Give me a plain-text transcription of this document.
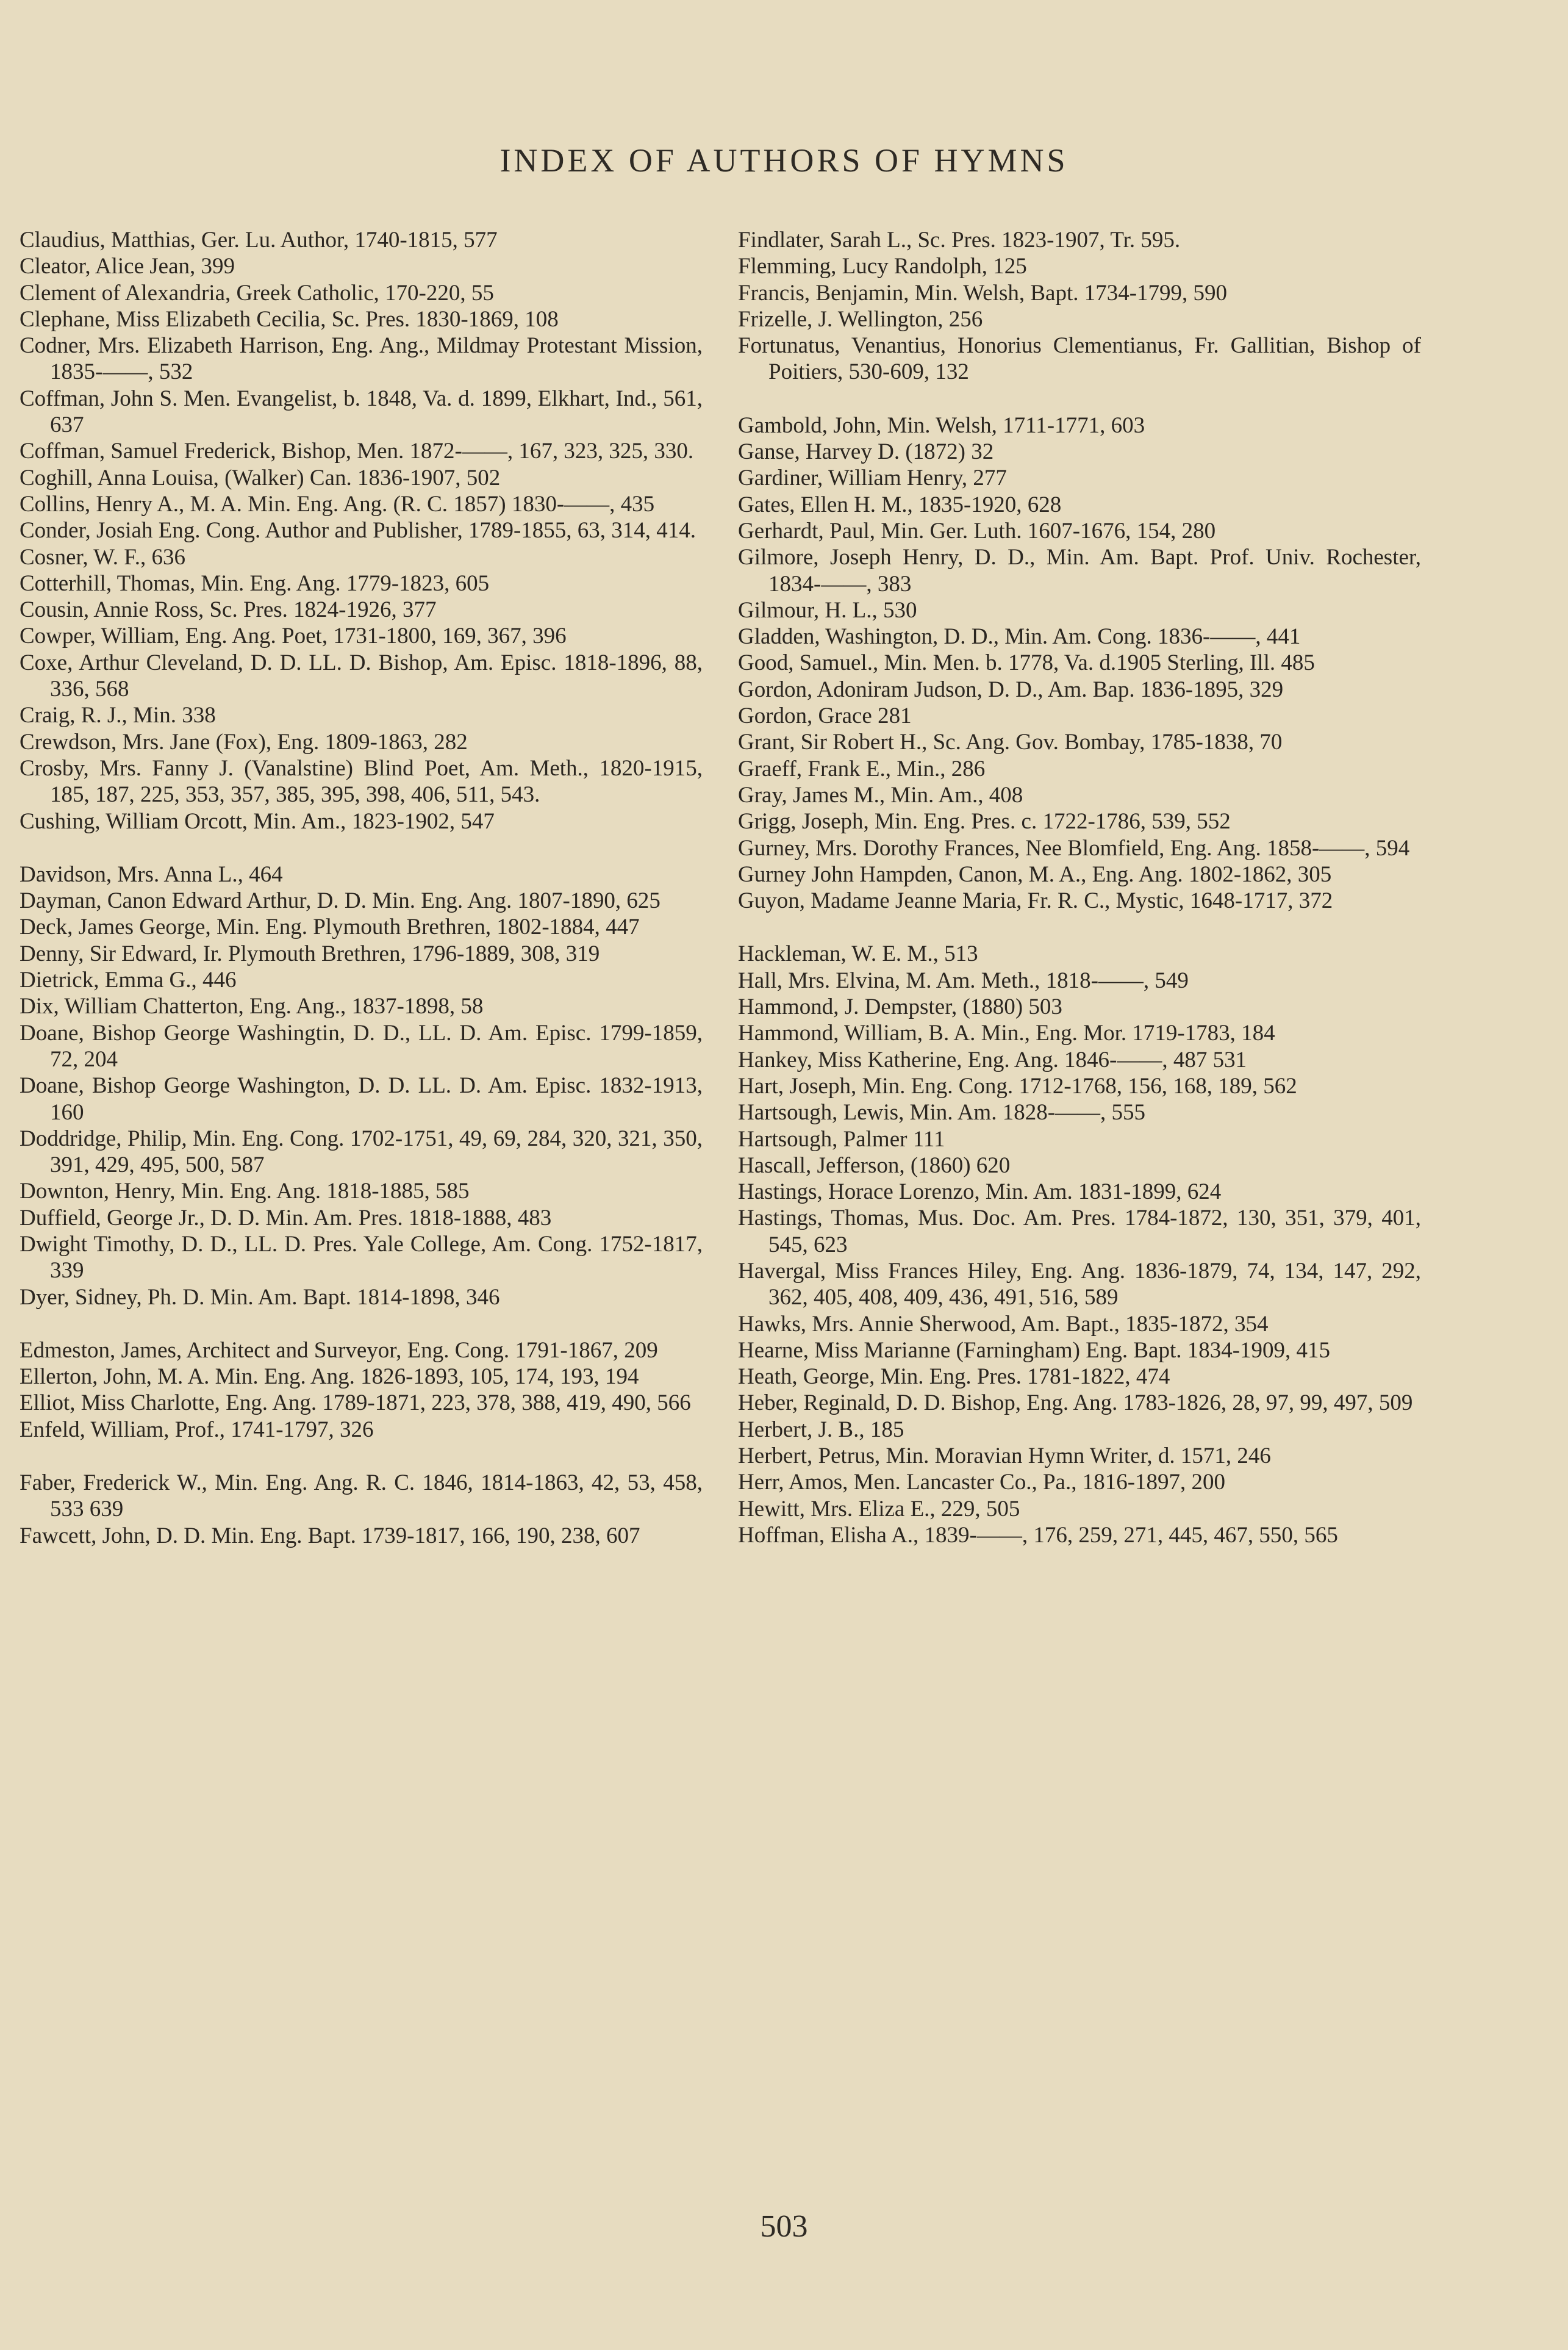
INDEX OF AUTHORS OF HYMNS
Claudius, Matthias, Ger. Lu. Author, 1740-1815, 577
Cleator, Alice Jean, 399
Clement of Alexandria, Greek Catholic, 170-220, 55
Clephane, Miss Elizabeth Cecilia, Sc. Pres. 1830-1869, 108
Codner, Mrs. Elizabeth Harrison, Eng. Ang., Mildmay Protestant Mission, 1835-——, 532
Coffman, John S. Men. Evangelist, b. 1848, Va. d. 1899, Elkhart, Ind., 561, 637
Coffman, Samuel Frederick, Bishop, Men. 1872-——, 167, 323, 325, 330.
Coghill, Anna Louisa, (Walker) Can. 1836-1907, 502
Collins, Henry A., M. A. Min. Eng. Ang. (R. C. 1857) 1830-——, 435
Conder, Josiah Eng. Cong. Author and Publisher, 1789-1855, 63, 314, 414.
Cosner, W. F., 636
Cotterhill, Thomas, Min. Eng. Ang. 1779-1823, 605
Cousin, Annie Ross, Sc. Pres. 1824-1926, 377
Cowper, William, Eng. Ang. Poet, 1731-1800, 169, 367, 396
Coxe, Arthur Cleveland, D. D. LL. D. Bishop, Am. Episc. 1818-1896, 88, 336, 568
Craig, R. J., Min. 338
Crewdson, Mrs. Jane (Fox), Eng. 1809-1863, 282
Crosby, Mrs. Fanny J. (Vanalstine) Blind Poet, Am. Meth., 1820-1915, 185, 187, 225, 353, 357, 385, 395, 398, 406, 511, 543.
Cushing, William Orcott, Min. Am., 1823-1902, 547
Davidson, Mrs. Anna L., 464
Dayman, Canon Edward Arthur, D. D. Min. Eng. Ang. 1807-1890, 625
Deck, James George, Min. Eng. Plymouth Brethren, 1802-1884, 447
Denny, Sir Edward, Ir. Plymouth Brethren, 1796-1889, 308, 319
Dietrick, Emma G., 446
Dix, William Chatterton, Eng. Ang., 1837-1898, 58
Doane, Bishop George Washingtin, D. D., LL. D. Am. Episc. 1799-1859, 72, 204
Doane, Bishop George Washington, D. D. LL. D. Am. Episc. 1832-1913, 160
Doddridge, Philip, Min. Eng. Cong. 1702-1751, 49, 69, 284, 320, 321, 350, 391, 429, 495, 500, 587
Downton, Henry, Min. Eng. Ang. 1818-1885, 585
Duffield, George Jr., D. D. Min. Am. Pres. 1818-1888, 483
Dwight Timothy, D. D., LL. D. Pres. Yale College, Am. Cong. 1752-1817, 339
Dyer, Sidney, Ph. D. Min. Am. Bapt. 1814-1898, 346
Edmeston, James, Architect and Surveyor, Eng. Cong. 1791-1867, 209
Ellerton, John, M. A. Min. Eng. Ang. 1826-1893, 105, 174, 193, 194
Elliot, Miss Charlotte, Eng. Ang. 1789-1871, 223, 378, 388, 419, 490, 566
Enfeld, William, Prof., 1741-1797, 326
Faber, Frederick W., Min. Eng. Ang. R. C. 1846, 1814-1863, 42, 53, 458, 533 639
Fawcett, John, D. D. Min. Eng. Bapt. 1739-1817, 166, 190, 238, 607
Findlater, Sarah L., Sc. Pres. 1823-1907, Tr. 595.
Flemming, Lucy Randolph, 125
Francis, Benjamin, Min. Welsh, Bapt. 1734-1799, 590
Frizelle, J. Wellington, 256
Fortunatus, Venantius, Honorius Clementianus, Fr. Gallitian, Bishop of Poitiers, 530-609, 132
Gambold, John, Min. Welsh, 1711-1771, 603
Ganse, Harvey D. (1872) 32
Gardiner, William Henry, 277
Gates, Ellen H. M., 1835-1920, 628
Gerhardt, Paul, Min. Ger. Luth. 1607-1676, 154, 280
Gilmore, Joseph Henry, D. D., Min. Am. Bapt. Prof. Univ. Rochester, 1834-——, 383
Gilmour, H. L., 530
Gladden, Washington, D. D., Min. Am. Cong. 1836-——, 441
Good, Samuel., Min. Men. b. 1778, Va. d.1905 Sterling, Ill. 485
Gordon, Adoniram Judson, D. D., Am. Bap. 1836-1895, 329
Gordon, Grace 281
Grant, Sir Robert H., Sc. Ang. Gov. Bombay, 1785-1838, 70
Graeff, Frank E., Min., 286
Gray, James M., Min. Am., 408
Grigg, Joseph, Min. Eng. Pres. c. 1722-1786, 539, 552
Gurney, Mrs. Dorothy Frances, Nee Blomfield, Eng. Ang. 1858-——, 594
Gurney John Hampden, Canon, M. A., Eng. Ang. 1802-1862, 305
Guyon, Madame Jeanne Maria, Fr. R. C., Mystic, 1648-1717, 372
Hackleman, W. E. M., 513
Hall, Mrs. Elvina, M. Am. Meth., 1818-——, 549
Hammond, J. Dempster, (1880) 503
Hammond, William, B. A. Min., Eng. Mor. 1719-1783, 184
Hankey, Miss Katherine, Eng. Ang. 1846-——, 487 531
Hart, Joseph, Min. Eng. Cong. 1712-1768, 156, 168, 189, 562
Hartsough, Lewis, Min. Am. 1828-——, 555
Hartsough, Palmer 111
Hascall, Jefferson, (1860) 620
Hastings, Horace Lorenzo, Min. Am. 1831-1899, 624
Hastings, Thomas, Mus. Doc. Am. Pres. 1784-1872, 130, 351, 379, 401, 545, 623
Havergal, Miss Frances Hiley, Eng. Ang. 1836-1879, 74, 134, 147, 292, 362, 405, 408, 409, 436, 491, 516, 589
Hawks, Mrs. Annie Sherwood, Am. Bapt., 1835-1872, 354
Hearne, Miss Marianne (Farningham) Eng. Bapt. 1834-1909, 415
Heath, George, Min. Eng. Pres. 1781-1822, 474
Heber, Reginald, D. D. Bishop, Eng. Ang. 1783-1826, 28, 97, 99, 497, 509
Herbert, J. B., 185
Herbert, Petrus, Min. Moravian Hymn Writer, d. 1571, 246
Herr, Amos, Men. Lancaster Co., Pa., 1816-1897, 200
Hewitt, Mrs. Eliza E., 229, 505
Hoffman, Elisha A., 1839-——, 176, 259, 271, 445, 467, 550, 565
503
